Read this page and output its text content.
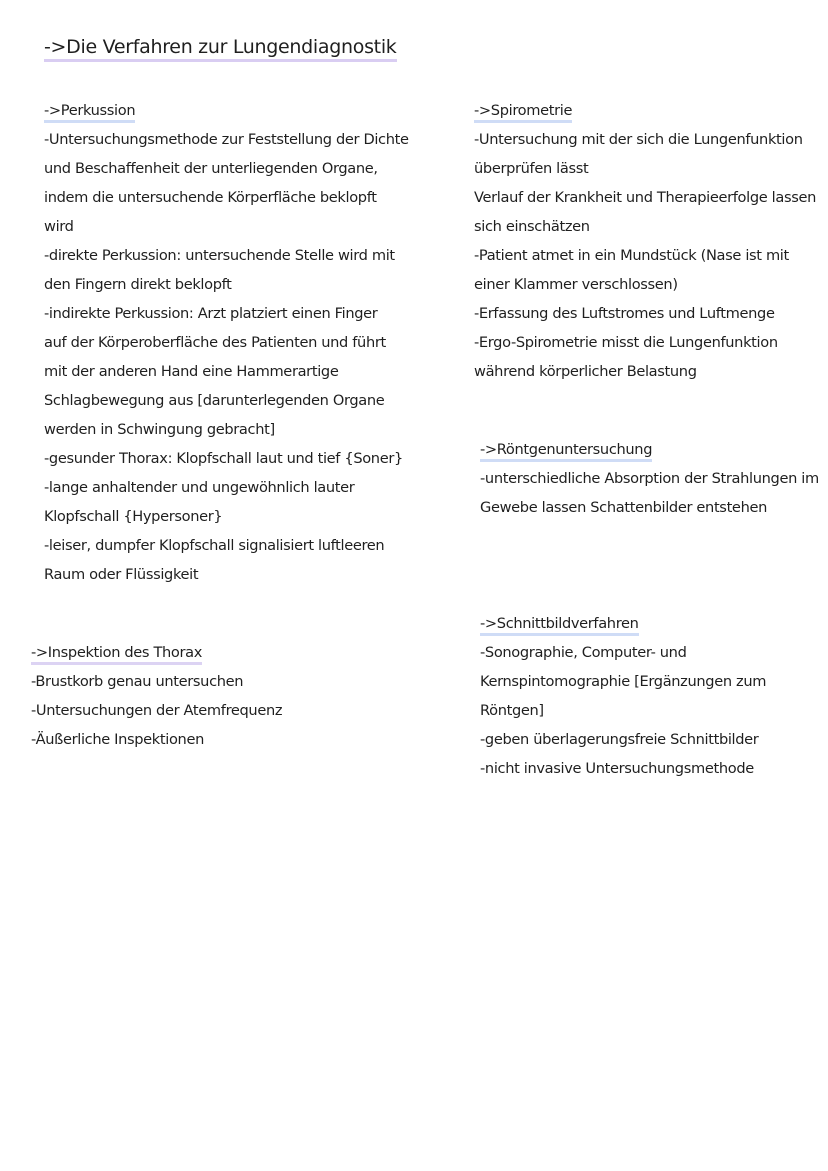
->Die Verfahren zur Lungendiagnostik
->Perkussion
-Untersuchungsmethode zur Feststellung der Dichte
und Beschaffenheit der unterliegenden Organe,
indem die untersuchende Körperfläche beklopft
wird
-direkte Perkussion: untersuchende Stelle wird mit
den Fingern direkt beklopft
-indirekte Perkussion: Arzt platziert einen Finger
auf der Körperoberfläche des Patienten und führt
mit der anderen Hand eine Hammerartige
Schlagbewegung aus [darunterlegenden Organe
werden in Schwingung gebracht]
-gesunder Thorax: Klopfschall laut und tief {Soner}
-lange anhaltender und ungewöhnlich lauter
Klopfschall {Hypersoner}
-leiser, dumpfer Klopfschall signalisiert luftleeren
Raum oder Flüssigkeit
->Spirometrie
-Untersuchung mit der sich die Lungenfunktion
überprüfen lässt
Verlauf der Krankheit und Therapieerfolge lassen
sich einschätzen
-Patient atmet in ein Mundstück (Nase ist mit
einer Klammer verschlossen)
-Erfassung des Luftstromes und Luftmenge
-Ergo-Spirometrie misst die Lungenfunktion
während körperlicher Belastung
->Röntgenuntersuchung
-unterschiedliche Absorption der Strahlungen im
Gewebe lassen Schattenbilder entstehen
->Schnittbildverfahren
-Sonographie, Computer- und
Kernspintomographie [Ergänzungen zum
Röntgen]
-geben überlagerungsfreie Schnittbilder
-nicht invasive Untersuchungsmethode
->Inspektion des Thorax
-Brustkorb genau untersuchen
-Untersuchungen der Atemfrequenz
-Äußerliche Inspektionen
